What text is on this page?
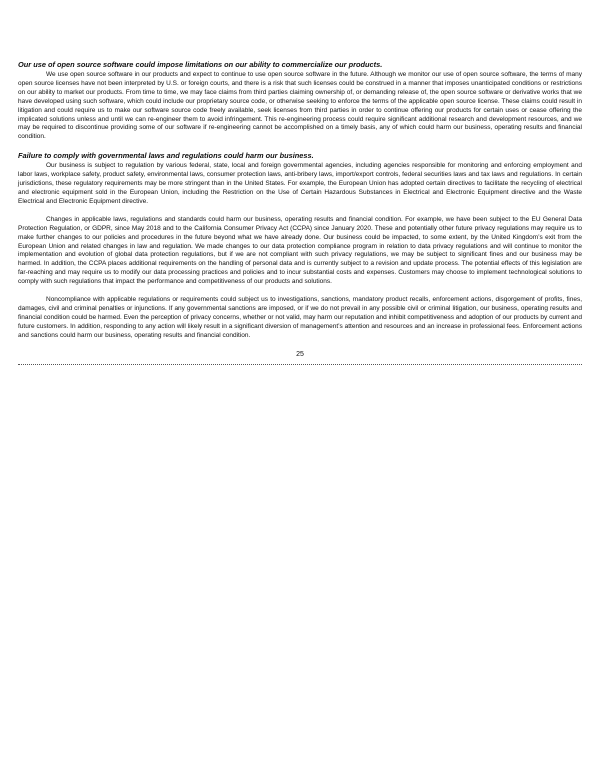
Our use of open source software could impose limitations on our ability to commercialize our products.

We use open source software in our products and expect to continue to use open source software in the future. Although we monitor our use of open source software, the terms of many open source licenses have not been interpreted by U.S. or foreign courts, and there is a risk that such licenses could be construed in a manner that imposes unanticipated conditions or restrictions on our ability to market our products. From time to time, we may face claims from third parties claiming ownership of, or demanding release of, the open source software or derivative works that we have developed using such software, which could include our proprietary source code, or otherwise seeking to enforce the terms of the applicable open source license. These claims could result in litigation and could require us to make our software source code freely available, seek licenses from third parties in order to continue offering our products for certain uses or cease offering the implicated solutions unless and until we can re-engineer them to avoid infringement. This re-engineering process could require significant additional research and development resources, and we may be required to discontinue providing some of our software if re-engineering cannot be accomplished on a timely basis, any of which could harm our business, operating results and financial condition.

Failure to comply with governmental laws and regulations could harm our business.

Our business is subject to regulation by various federal, state, local and foreign governmental agencies, including agencies responsible for monitoring and enforcing employment and labor laws, workplace safety, product safety, environmental laws, consumer protection laws, anti-bribery laws, import/export controls, federal securities laws and tax laws and regulations. In certain jurisdictions, these regulatory requirements may be more stringent than in the United States. For example, the European Union has adopted certain directives to facilitate the recycling of electrical and electronic equipment sold in the European Union, including the Restriction on the Use of Certain Hazardous Substances in Electrical and Electronic Equipment directive and the Waste Electrical and Electronic Equipment directive.

Changes in applicable laws, regulations and standards could harm our business, operating results and financial condition. For example, we have been subject to the EU General Data Protection Regulation, or GDPR, since May 2018 and to the California Consumer Privacy Act (CCPA) since January 2020. These and potentially other future privacy regulations may require us to make further changes to our policies and procedures in the future beyond what we have already done. Our business could be impacted, to some extent, by the United Kingdom’s exit from the European Union and related changes in law and regulation. We made changes to our data protection compliance program in relation to data privacy regulations and will continue to monitor the implementation and evolution of global data protection regulations, but if we are not compliant with such privacy regulations, we may be subject to significant fines and our business may be harmed. In addition, the CCPA places additional requirements on the handling of personal data and is currently subject to a revision and update process. The potential effects of this legislation are far-reaching and may require us to modify our data processing practices and policies and to incur substantial costs and expenses. Customers may choose to implement technological solutions to comply with such regulations that impact the performance and competitiveness of our products and solutions.

Noncompliance with applicable regulations or requirements could subject us to investigations, sanctions, mandatory product recalls, enforcement actions, disgorgement of profits, fines, damages, civil and criminal penalties or injunctions. If any governmental sanctions are imposed, or if we do not prevail in any possible civil or criminal litigation, our business, operating results and financial condition could be harmed. Even the perception of privacy concerns, whether or not valid, may harm our reputation and inhibit competitiveness and adoption of our products by current and future customers. In addition, responding to any action will likely result in a significant diversion of management’s attention and resources and an increase in professional fees. Enforcement actions and sanctions could harm our business, operating results and financial condition.

25
